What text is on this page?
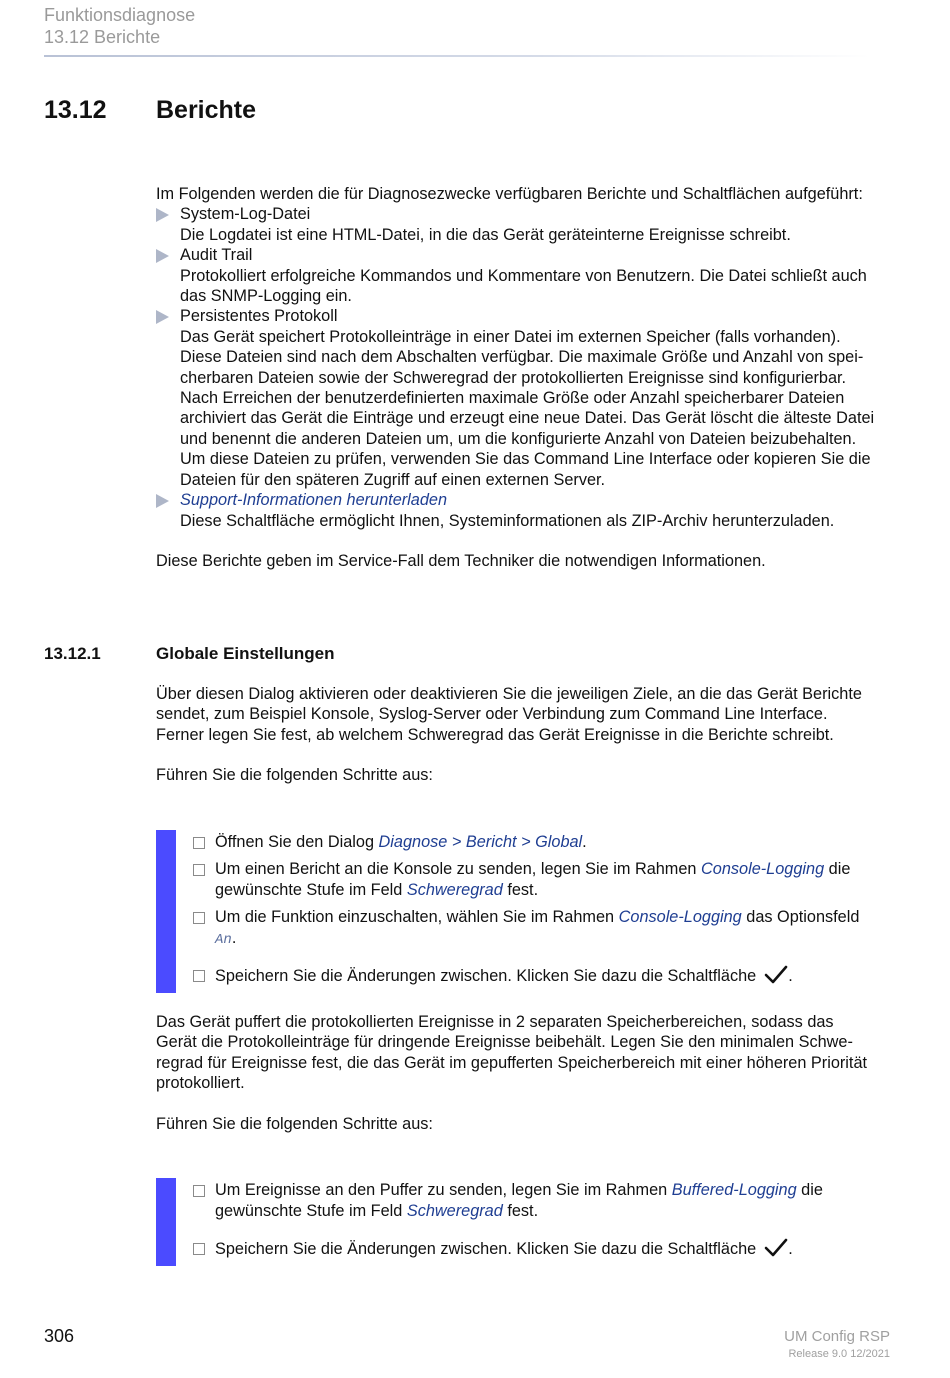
Funktionsdiagnose
13.12 Berichte
13.12 Berichte
Im Folgenden werden die für Diagnosezwecke verfügbaren Berichte und Schaltflächen aufgeführt:
System-Log-Datei
Die Logdatei ist eine HTML-Datei, in die das Gerät geräteinterne Ereignisse schreibt.
Audit Trail
Protokolliert erfolgreiche Kommandos und Kommentare von Benutzern. Die Datei schließt auch
das SNMP-Logging ein.
Persistentes Protokoll
Das Gerät speichert Protokolleinträge in einer Datei im externen Speicher (falls vorhanden).
Diese Dateien sind nach dem Abschalten verfügbar. Die maximale Größe und Anzahl von spei-
cherbaren Dateien sowie der Schweregrad der protokollierten Ereignisse sind konfigurierbar.
Nach Erreichen der benutzerdefinierten maximale Größe oder Anzahl speicherbarer Dateien
archiviert das Gerät die Einträge und erzeugt eine neue Datei. Das Gerät löscht die älteste Datei
und benennt die anderen Dateien um, um die konfigurierte Anzahl von Dateien beizubehalten.
Um diese Dateien zu prüfen, verwenden Sie das Command Line Interface oder kopieren Sie die
Dateien für den späteren Zugriff auf einen externen Server.
Support-Informationen herunterladen
Diese Schaltfläche ermöglicht Ihnen, Systeminformationen als ZIP-Archiv herunterzuladen.
Diese Berichte geben im Service-Fall dem Techniker die notwendigen Informationen.
13.12.1	Globale Einstellungen
Über diesen Dialog aktivieren oder deaktivieren Sie die jeweiligen Ziele, an die das Gerät Berichte
sendet, zum Beispiel Konsole, Syslog-Server oder Verbindung zum Command Line Interface.
Ferner legen Sie fest, ab welchem Schweregrad das Gerät Ereignisse in die Berichte schreibt.
Führen Sie die folgenden Schritte aus:
Öffnen Sie den Dialog Diagnose > Bericht > Global.
Um einen Bericht an die Konsole zu senden, legen Sie im Rahmen Console-Logging die
gewünschte Stufe im Feld Schweregrad fest.
Um die Funktion einzuschalten, wählen Sie im Rahmen Console-Logging das Optionsfeld
An.
Speichern Sie die Änderungen zwischen. Klicken Sie dazu die Schaltfläche .
Das Gerät puffert die protokollierten Ereignisse in 2 separaten Speicherbereichen, sodass das
Gerät die Protokolleinträge für dringende Ereignisse beibehält. Legen Sie den minimalen Schwe-
regrad für Ereignisse fest, die das Gerät im gepufferten Speicherbereich mit einer höheren Priorität
protokolliert.
Führen Sie die folgenden Schritte aus:
Um Ereignisse an den Puffer zu senden, legen Sie im Rahmen Buffered-Logging die
gewünschte Stufe im Feld Schweregrad fest.
Speichern Sie die Änderungen zwischen. Klicken Sie dazu die Schaltfläche .
306	UM Config RSP
Release 9.0 12/2021
